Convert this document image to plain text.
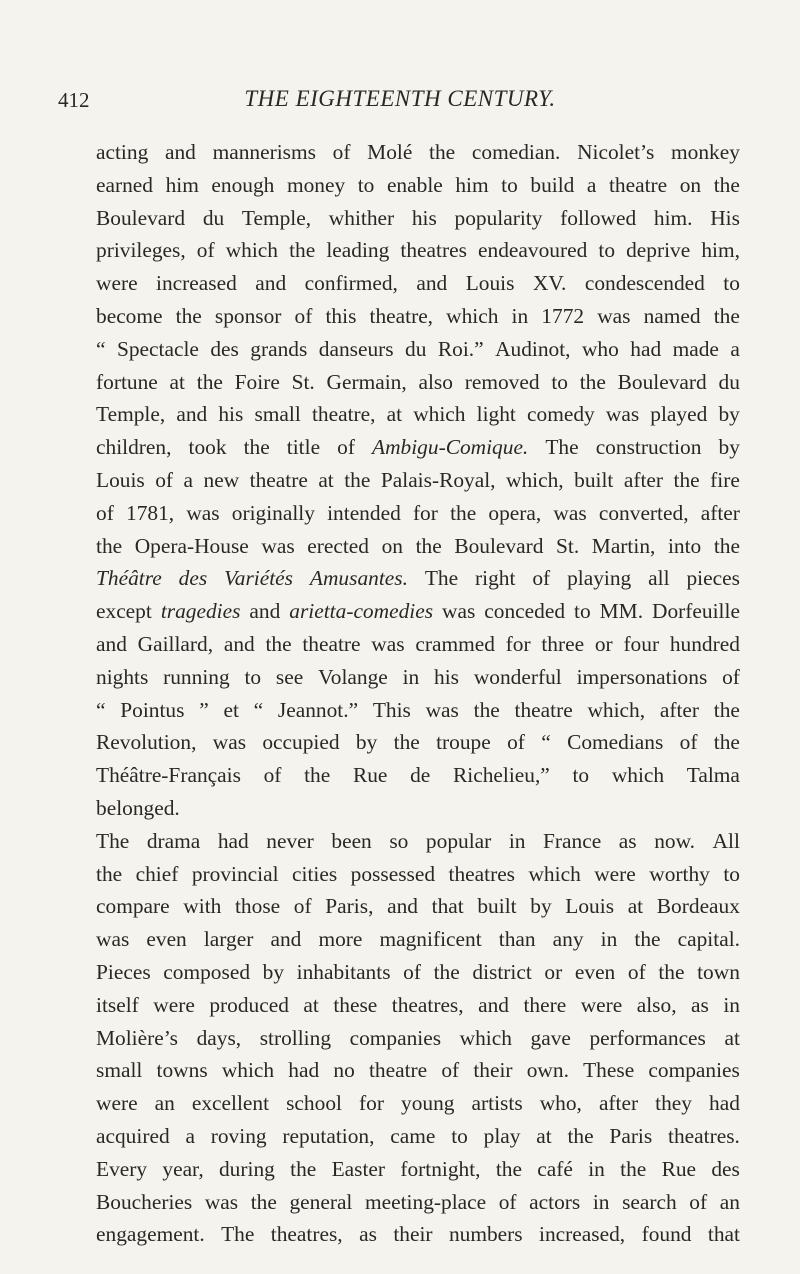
412	THE EIGHTEENTH CENTURY.
acting and mannerisms of Molé the comedian. Nicolet’s monkey
earned him enough money to enable him to build a theatre on the
Boulevard du Temple, whither his popularity followed him. His
privileges, of which the leading theatres endeavoured to deprive him,
were increased and confirmed, and Louis XV. condescended to
become the sponsor of this theatre, which in 1772 was named the
“ Spectacle des grands danseurs du Roi.” Audinot, who had made a
fortune at the Foire St. Germain, also removed to the Boulevard du
Temple, and his small theatre, at which light comedy was played by
children, took the title of Ambigu-Comique. The construction by
Louis of a new theatre at the Palais-Royal, which, built after the fire
of 1781, was originally intended for the opera, was converted, after
the Opera-House was erected on the Boulevard St. Martin, into the
Théâtre des Variétés Amusantes. The right of playing all pieces
except tragedies and arietta-comedies was conceded to MM. Dorfeuille
and Gaillard, and the theatre was crammed for three or four hundred
nights running to see Volange in his wonderful impersonations of
“ Pointus ” et “ Jeannot.” This was the theatre which, after the
Revolution, was occupied by the troupe of “ Comedians of the
Théâtre-Français of the Rue de Richelieu,” to which Talma
belonged.
The drama had never been so popular in France as now. All
the chief provincial cities possessed theatres which were worthy to
compare with those of Paris, and that built by Louis at Bordeaux
was even larger and more magnificent than any in the capital.
Pieces composed by inhabitants of the district or even of the town
itself were produced at these theatres, and there were also, as in
Molière’s days, strolling companies which gave performances at
small towns which had no theatre of their own. These companies
were an excellent school for young artists who, after they had
acquired a roving reputation, came to play at the Paris theatres.
Every year, during the Easter fortnight, the café in the Rue des
Boucheries was the general meeting-place of actors in search of an
engagement. The theatres, as their numbers increased, found that
